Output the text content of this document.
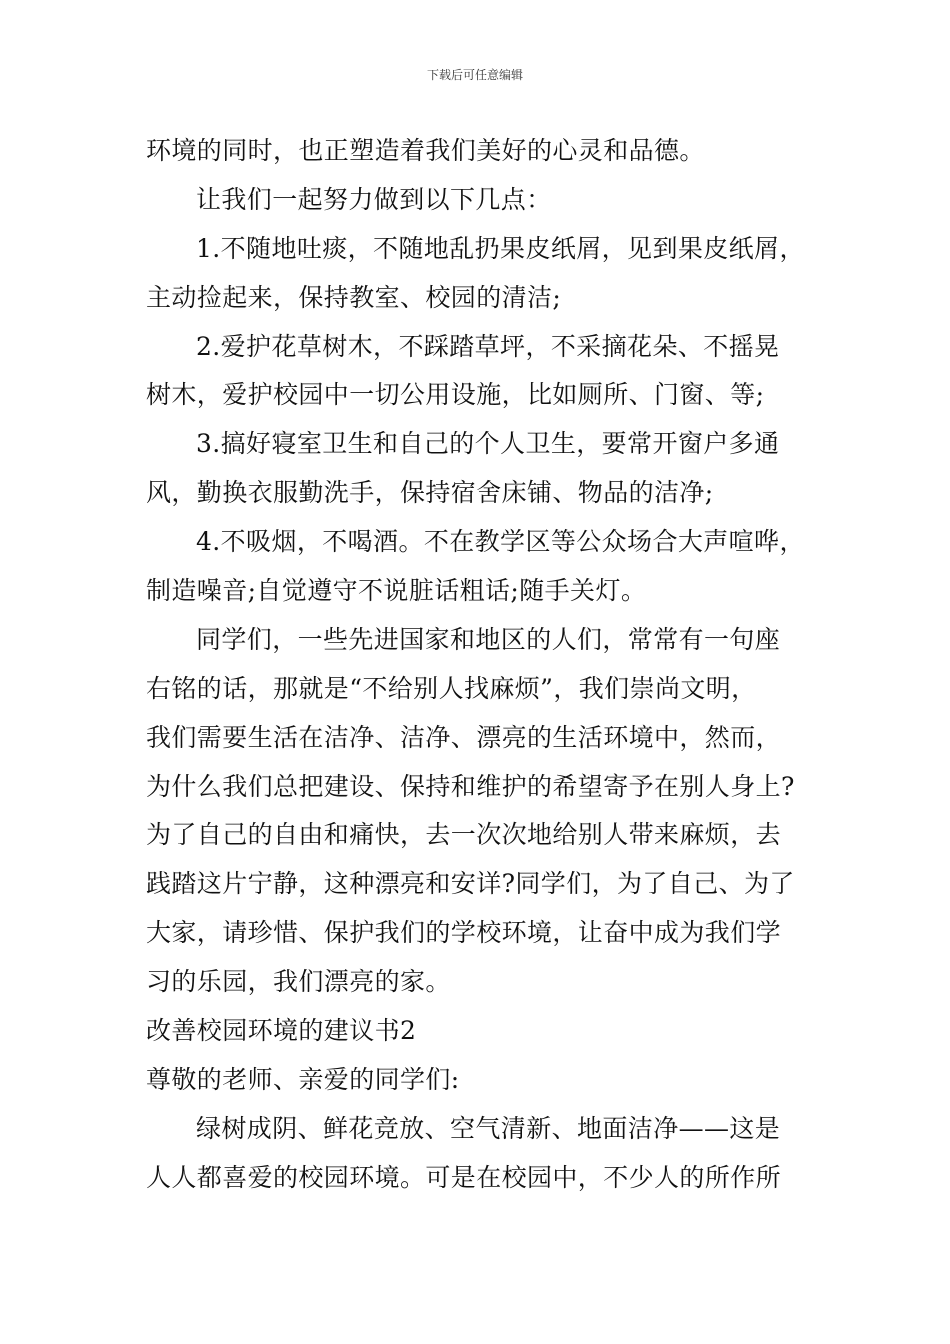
下载后可任意编辑
环境的同时，也正塑造着我们美好的心灵和品德。
让我们一起努力做到以下几点：
1.不随地吐痰，不随地乱扔果皮纸屑，见到果皮纸屑，
主动捡起来，保持教室、校园的清洁;
2.爱护花草树木，不踩踏草坪，不采摘花朵、不摇晃
树木，爱护校园中一切公用设施，比如厕所、门窗、等;
3.搞好寝室卫生和自己的个人卫生，要常开窗户多通
风，勤换衣服勤洗手，保持宿舍床铺、物品的洁净;
4.不吸烟，不喝酒。不在教学区等公众场合大声喧哗，
制造噪音;自觉遵守不说脏话粗话;随手关灯。
同学们，一些先进国家和地区的人们，常常有一句座
右铭的话，那就是“不给别人找麻烦”，我们崇尚文明，
我们需要生活在洁净、洁净、漂亮的生活环境中，然而，
为什么我们总把建设、保持和维护的希望寄予在别人身上?
为了自己的自由和痛快，去一次次地给别人带来麻烦，去
践踏这片宁静，这种漂亮和安详?同学们，为了自己、为了
大家，请珍惜、保护我们的学校环境，让奋中成为我们学
习的乐园，我们漂亮的家。
改善校园环境的建议书2
尊敬的老师、亲爱的同学们:
绿树成阴、鲜花竞放、空气清新、地面洁净——这是
人人都喜爱的校园环境。可是在校园中，不少人的所作所
